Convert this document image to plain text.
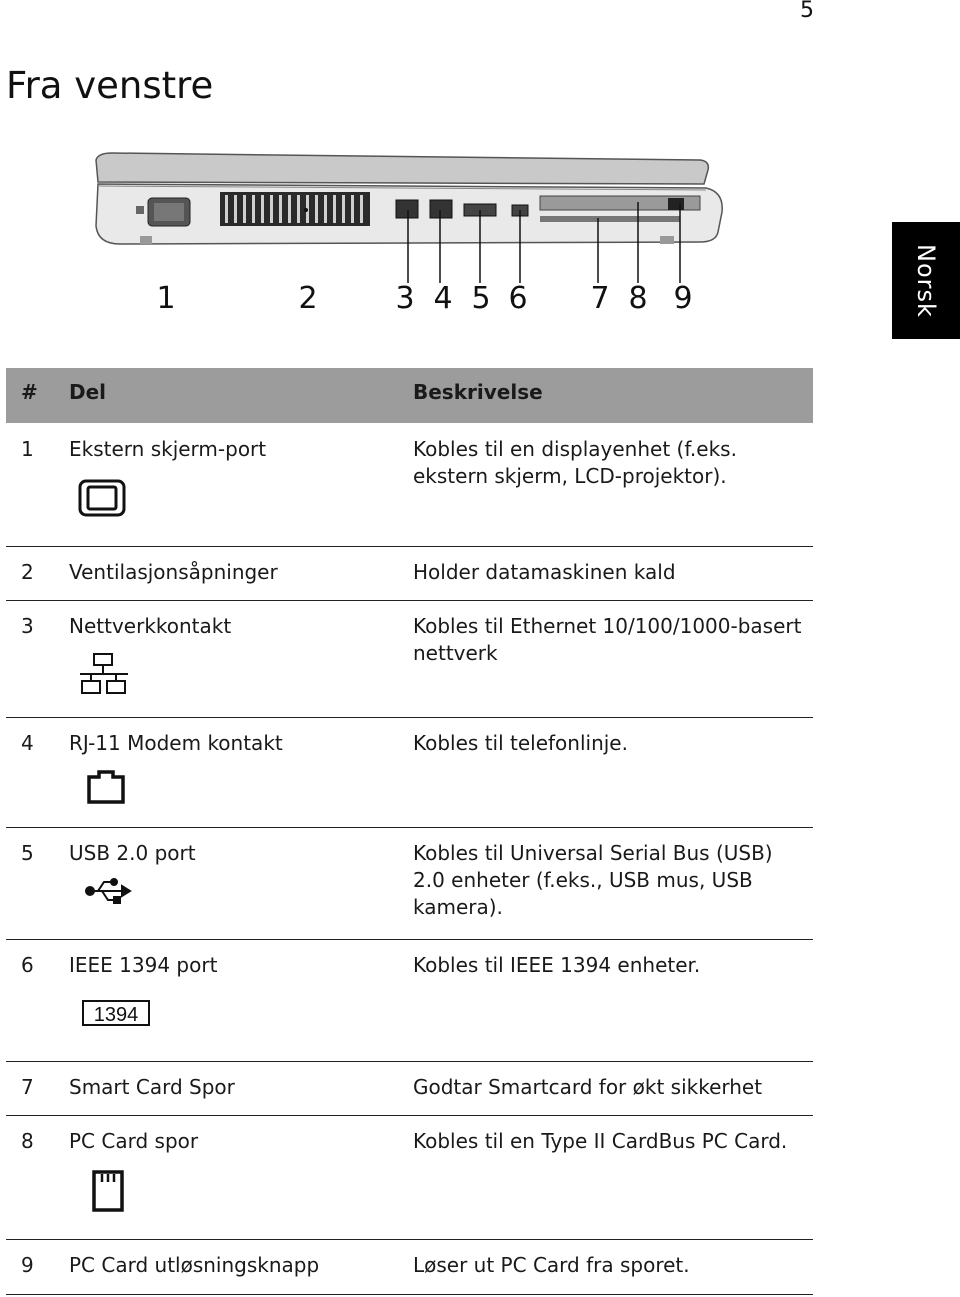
5
Fra venstre
Norsk
1	2	3 4 5 6 7 8 9
# Del	Beskrivelse
1 Ekstern skjerm-port	Kobles til en displayenhet (f.eks. ekstern skjerm, LCD-projektor).
2 Ventilasjonsåpninger	Holder datamaskinen kald
3 Nettverkkontakt	Kobles til Ethernet 10/100/1000-basert nettverk
4 RJ-11 Modem kontakt	Kobles til telefonlinje.
5 USB 2.0 port	Kobles til Universal Serial Bus (USB) 2.0 enheter (f.eks., USB mus, USB kamera).
6 IEEE 1394 port	Kobles til IEEE 1394 enheter.
1394
7 Smart Card Spor	Godtar Smartcard for økt sikkerhet
8 PC Card spor	Kobles til en Type II CardBus PC Card.
9 PC Card utløsningsknapp	Løser ut PC Card fra sporet.
